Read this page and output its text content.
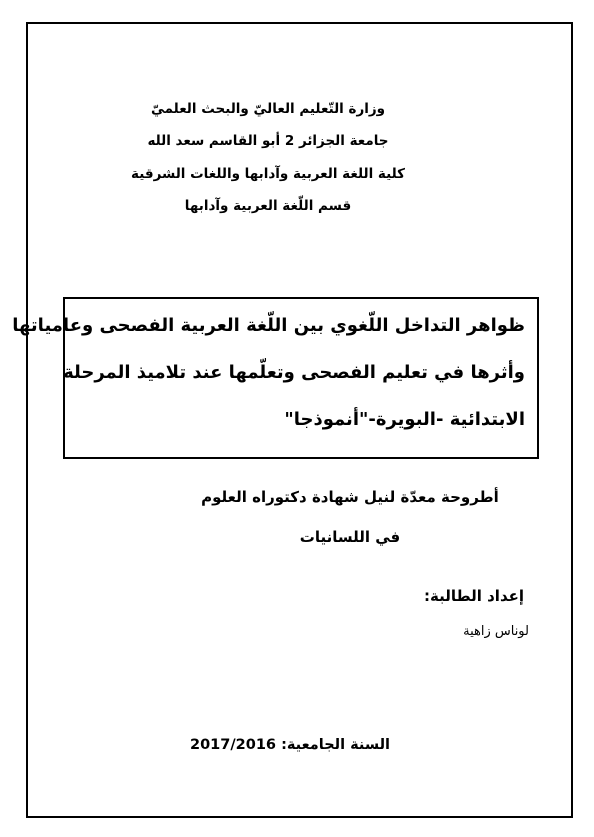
وزارة التّعليم العاليّ والبحث العلميّ
جامعة الجزائر 2 أبو القاسم سعد الله
كلية اللغة العربية وآدابها واللغات الشرقية
قسم اللّغة العربية وآدابها
ظواهر التداخل اللّغوي بين اللّغة العربية الفصحى وعامياتها
وأثرها في تعليم الفصحى وتعلّمها عند تلاميذ المرحلة
الابتدائية -البويرة-"أنموذجا"
أطروحة معدّة لنيل شهادة دكتوراه العلوم
في اللسانيات
إعداد الطالبة:
لوناس زاهية
السنة الجامعية: 2017/2016
